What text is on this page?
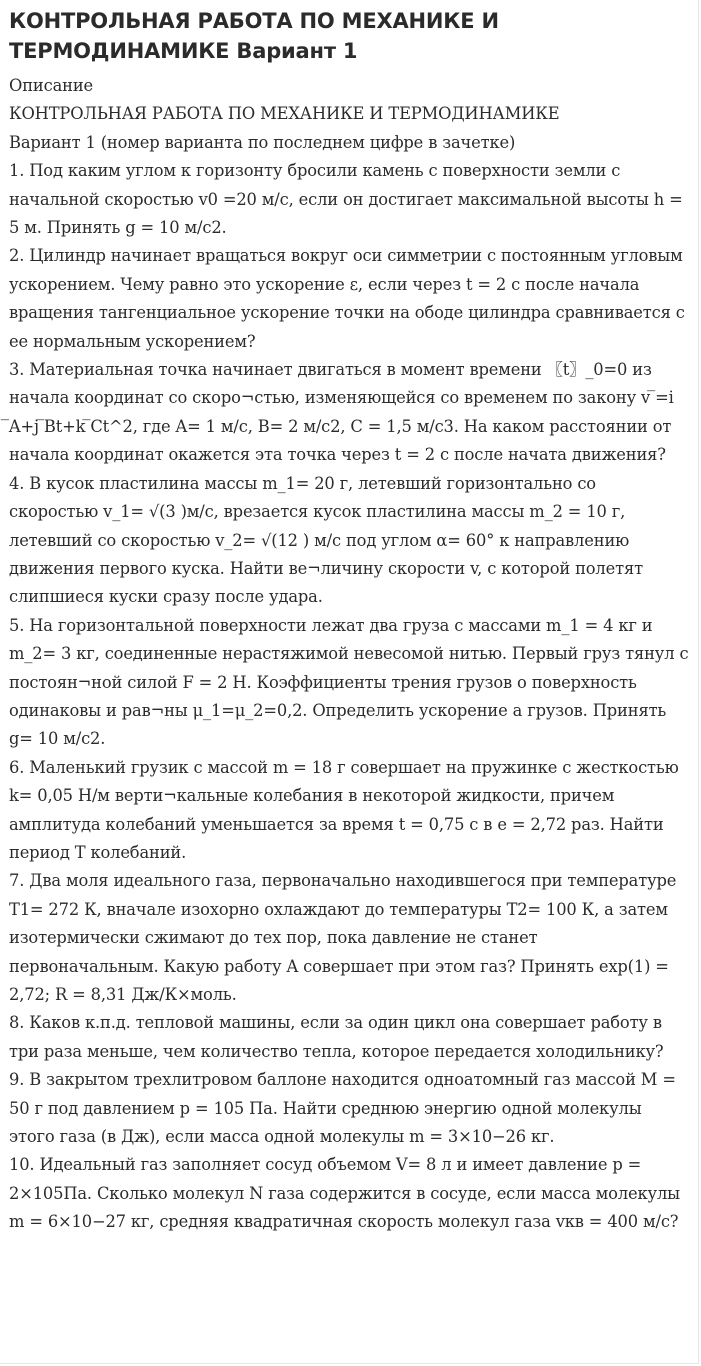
КОНТРОЛЬНАЯ РАБОТА ПО МЕХАНИКЕ И
ТЕРМОДИНАМИКЕ Вариант 1

Описание

КОНТРОЛЬНАЯ РАБОТА ПО МЕХАНИКЕ И ТЕРМОДИНАМИКЕ

Вариант 1 (номер варианта по последнем цифре в зачетке)

1. Под каким углом к горизонту бросили камень с поверхности земли с начальной скоростью v0 =20 м/с, если он достигает максимальной высоты h = 5 м. Принять g = 10 м/с2.

2. Цилиндр начинает вращаться вокруг оси симметрии с постоянным угловым ускорением. Чему равно это ускорение ε, если через t = 2 с после начала вращения тангенциальное ускорение точки на ободе цилиндра сравнивается с ее нормальным ускорением?

3. Материальная точка начинает двигаться в момент времени 〖t〗_0=0 из начала координат со скоро¬стью, изменяющейся со временем по закону v ̅=i ̅A+j ̅Bt+k ̅Ct^2, где A= 1 м/с, B= 2 м/с2, C = 1,5 м/с3. На каком расстоянии от начала координат окажется эта точка через t = 2 с после начата движения?

4. В кусок пластилина массы m_1= 20 г, летевший горизонтально со скоростью v_1= √(3 )м/с, врезается кусок пластилина массы m_2 = 10 г, летевший со скоростью v_2= √(12 ) м/с под углом α= 60° к направлению движения первого куска. Найти ве¬личину скорости v, с которой полетят слипшиеся куски сразу после удара.

5. На горизонтальной поверхности лежат два груза с массами m_1 = 4 кг и m_2= 3 кг, соединенные нерастяжимой невесомой нитью. Первый груз тянул с постоян¬ной силой F = 2 Н. Коэффициенты трения грузов о поверхность одинаковы и рав¬ны μ_1=μ_2=0,2. Определить ускорение a грузов. Принять g= 10 м/с2.

6. Маленький грузик с массой m = 18 г совершает на пружинке с жесткостью k= 0,05 Н/м верти¬кальные колебания в некоторой жидкости, причем амплитуда колебаний уменьшается за время t = 0,75 с в е = 2,72 раз. Найти период Т колебаний.

7. Два моля идеального газа, первоначально находившегося при температуре T1= 272 К, вначале изохорно охлаждают до температуры T2= 100 К, а затем изотермически сжимают до тех пор, пока давление не станет первоначальным. Какую работу A совершает при этом газ? Принять exp(1) = 2,72; R = 8,31 Дж/К×моль.

8. Каков к.п.д. тепловой машины, если за один цикл она совершает работу в три раза меньше, чем количество тепла, которое передается холодильнику?

9. В закрытом трехлитровом баллоне находится одноатомный газ массой M = 50 г под давлением p = 105 Па. Найти среднюю энергию одной молекулы этого газа (в Дж), если масса одной молекулы m = 3×10−26 кг.

10. Идеальный газ заполняет сосуд объемом V= 8 л и имеет давление p = 2×105Па. Сколько молекул N газа содержится в сосуде, если масса молекулы m = 6×10−27 кг, средняя квадратичная скорость молекул газа vкв = 400 м/с?
